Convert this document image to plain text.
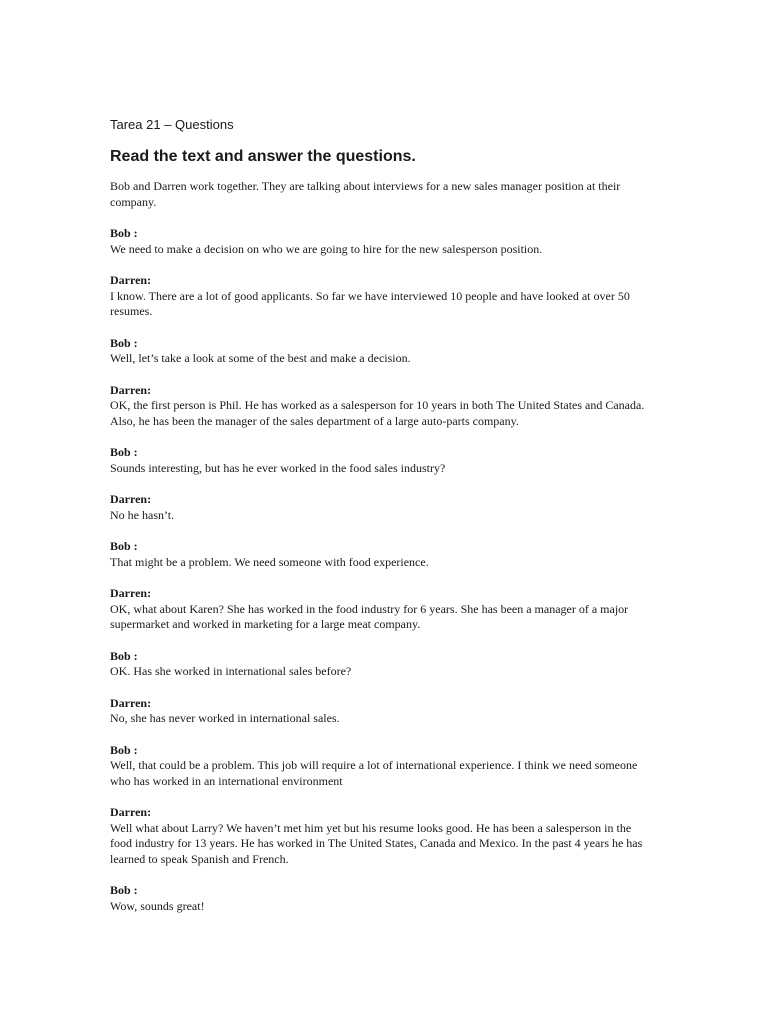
Tarea 21 – Questions

Read the text and answer the questions.

Bob and Darren work together. They are talking about interviews for a new sales manager position at their company.

Bob :

We need to make a decision on who we are going to hire for the new salesperson position.

Darren:

I know. There are a lot of good applicants. So far we have interviewed 10 people and have looked at over 50 resumes.

Bob :

Well, let’s take a look at some of the best and make a decision.

Darren:

OK, the first person is Phil. He has worked as a salesperson for 10 years in both The United States and Canada. Also, he has been the manager of the sales department of a large auto-parts company.

Bob :

Sounds interesting, but has he ever worked in the food sales industry?

Darren:

No he hasn’t.

Bob :

That might be a problem. We need someone with food experience.

Darren:

OK, what about Karen? She has worked in the food industry for 6 years. She has been a manager of a major supermarket and worked in marketing for a large meat company.

Bob :

OK. Has she worked in international sales before?

Darren:

No, she has never worked in international sales.

Bob :

Well, that could be a problem. This job will require a lot of international experience. I think we need someone who has worked in an international environment

Darren:

Well what about Larry? We haven’t met him yet but his resume looks good. He has been a salesperson in the food industry for 13 years. He has worked in The United States, Canada and Mexico. In the past 4 years he has learned to speak Spanish and French.

Bob :

Wow, sounds great!
